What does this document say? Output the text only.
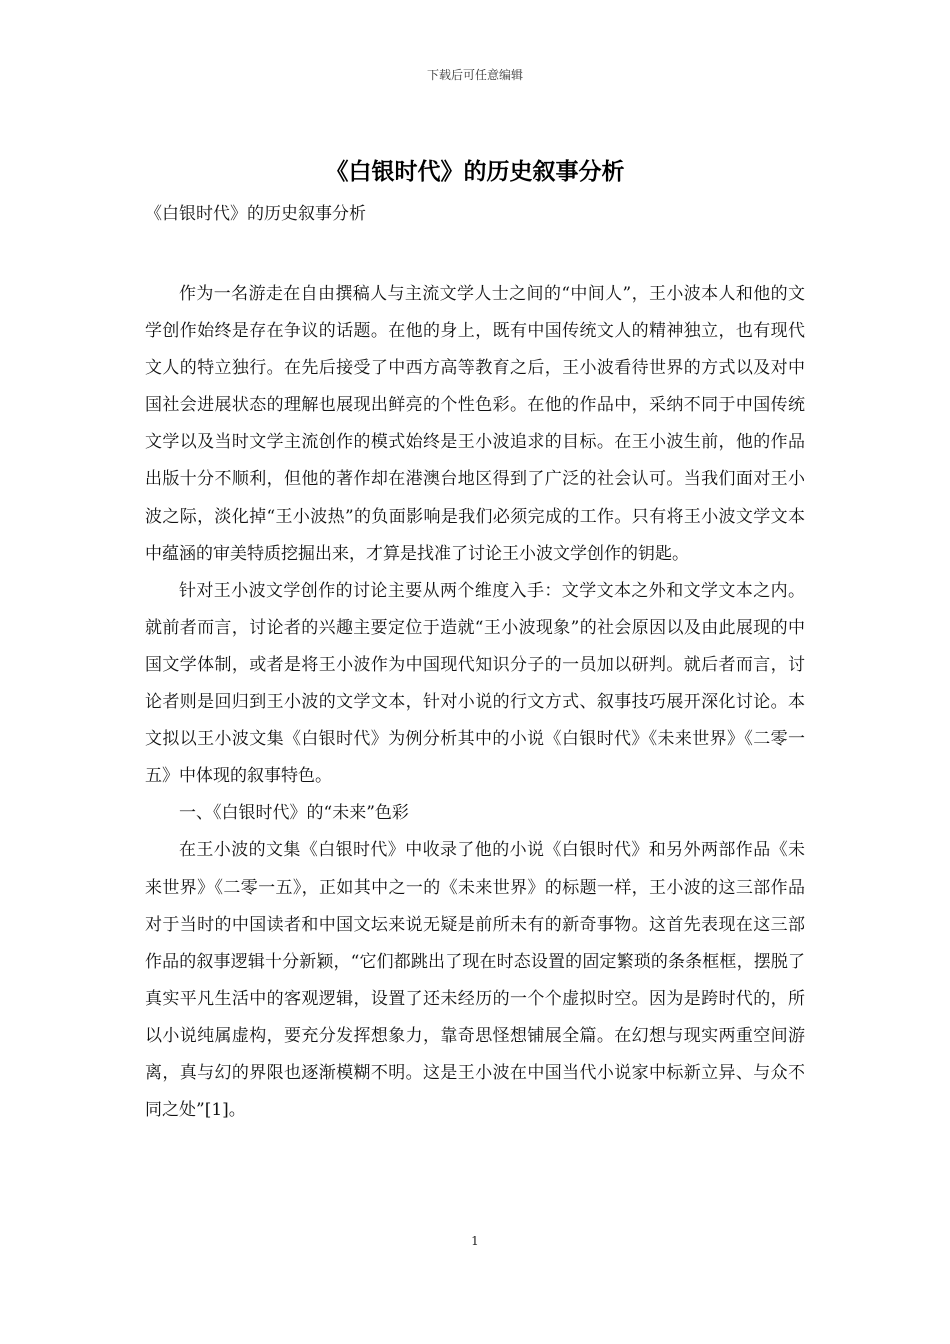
下载后可任意编辑
《白银时代》的历史叙事分析
《白银时代》的历史叙事分析

作为一名游走在自由撰稿人与主流文学人士之间的“中间人”，王小波本人和他的文学创作始终是存在争议的话题。在他的身上，既有中国传统文人的精神独立，也有现代文人的特立独行。在先后接受了中西方高等教育之后，王小波看待世界的方式以及对中国社会进展状态的理解也展现出鲜亮的个性色彩。在他的作品中，采纳不同于中国传统文学以及当时文学主流创作的模式始终是王小波追求的目标。在王小波生前，他的作品出版十分不顺利，但他的著作却在港澳台地区得到了广泛的社会认可。当我们面对王小波之际，淡化掉“王小波热”的负面影响是我们必须完成的工作。只有将王小波文学文本中蕴涵的审美特质挖掘出来，才算是找准了讨论王小波文学创作的钥匙。

针对王小波文学创作的讨论主要从两个维度入手：文学文本之外和文学文本之内。就前者而言，讨论者的兴趣主要定位于造就“王小波现象”的社会原因以及由此展现的中国文学体制，或者是将王小波作为中国现代知识分子的一员加以研判。就后者而言，讨论者则是回归到王小波的文学文本，针对小说的行文方式、叙事技巧展开深化讨论。本文拟以王小波文集《白银时代》为例分析其中的小说《白银时代》《未来世界》《二零一五》中体现的叙事特色。

一、《白银时代》的“未来”色彩

在王小波的文集《白银时代》中收录了他的小说《白银时代》和另外两部作品《未来世界》《二零一五》，正如其中之一的《未来世界》的标题一样，王小波的这三部作品对于当时的中国读者和中国文坛来说无疑是前所未有的新奇事物。这首先表现在这三部作品的叙事逻辑十分新颖，“它们都跳出了现在时态设置的固定繁琐的条条框框，摆脱了真实平凡生活中的客观逻辑，设置了还未经历的一个个虚拟时空。因为是跨时代的，所以小说纯属虚构，要充分发挥想象力，靠奇思怪想铺展全篇。在幻想与现实两重空间游离，真与幻的界限也逐渐模糊不明。这是王小波在中国当代小说家中标新立异、与众不同之处”[1]。

1
